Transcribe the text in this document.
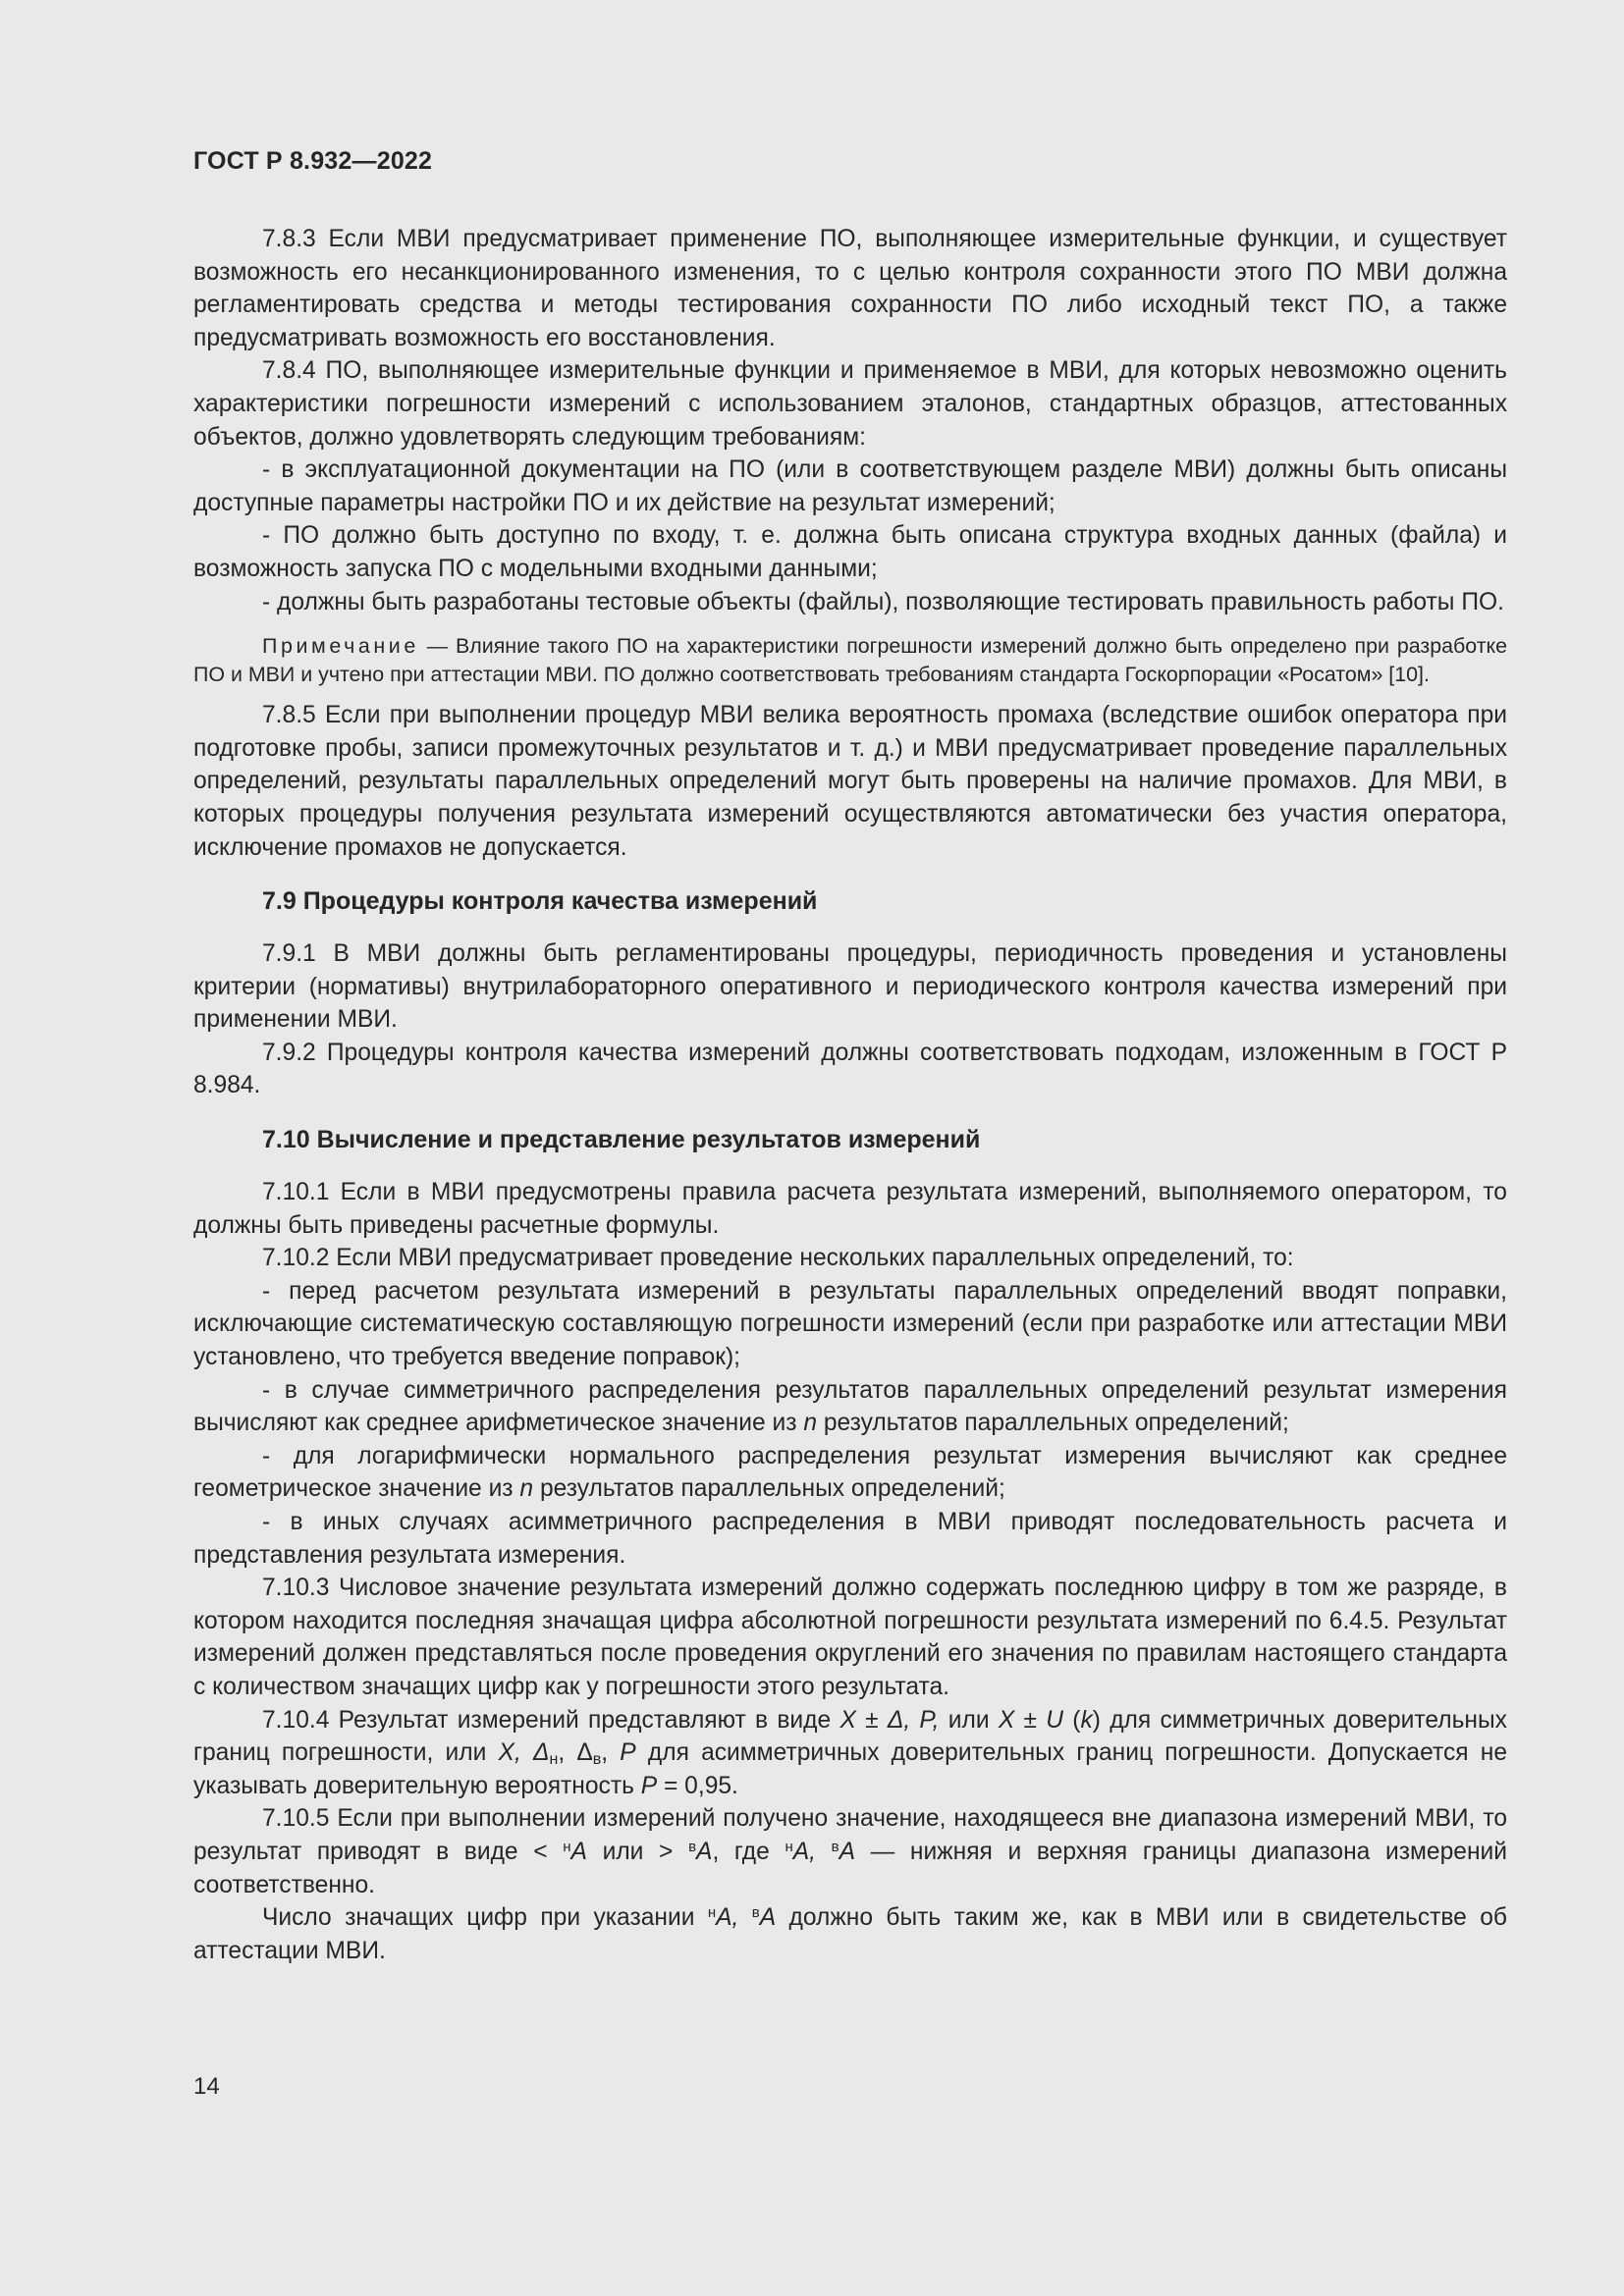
ГОСТ Р 8.932—2022

7.8.3 Если МВИ предусматривает применение ПО, выполняющее измерительные функции, и существует возможность его несанкционированного изменения, то с целью контроля сохранности этого ПО МВИ должна регламентировать средства и методы тестирования сохранности ПО либо исходный текст ПО, а также предусматривать возможность его восстановления.

7.8.4 ПО, выполняющее измерительные функции и применяемое в МВИ, для которых невозможно оценить характеристики погрешности измерений с использованием эталонов, стандартных образцов, аттестованных объектов, должно удовлетворять следующим требованиям:

- в эксплуатационной документации на ПО (или в соответствующем разделе МВИ) должны быть описаны доступные параметры настройки ПО и их действие на результат измерений;

- ПО должно быть доступно по входу, т. е. должна быть описана структура входных данных (файла) и возможность запуска ПО с модельными входными данными;

- должны быть разработаны тестовые объекты (файлы), позволяющие тестировать правильность работы ПО.

Примечание — Влияние такого ПО на характеристики погрешности измерений должно быть определено при разработке ПО и МВИ и учтено при аттестации МВИ. ПО должно соответствовать требованиям стандарта Госкорпорации «Росатом» [10].

7.8.5 Если при выполнении процедур МВИ велика вероятность промаха (вследствие ошибок оператора при подготовке пробы, записи промежуточных результатов и т. д.) и МВИ предусматривает проведение параллельных определений, результаты параллельных определений могут быть проверены на наличие промахов. Для МВИ, в которых процедуры получения результата измерений осуществляются автоматически без участия оператора, исключение промахов не допускается.

7.9 Процедуры контроля качества измерений

7.9.1 В МВИ должны быть регламентированы процедуры, периодичность проведения и установлены критерии (нормативы) внутрилабораторного оперативного и периодического контроля качества измерений при применении МВИ.

7.9.2 Процедуры контроля качества измерений должны соответствовать подходам, изложенным в ГОСТ Р 8.984.

7.10 Вычисление и представление результатов измерений

7.10.1 Если в МВИ предусмотрены правила расчета результата измерений, выполняемого оператором, то должны быть приведены расчетные формулы.

7.10.2 Если МВИ предусматривает проведение нескольких параллельных определений, то:

- перед расчетом результата измерений в результаты параллельных определений вводят поправки, исключающие систематическую составляющую погрешности измерений (если при разработке или аттестации МВИ установлено, что требуется введение поправок);

- в случае симметричного распределения результатов параллельных определений результат измерения вычисляют как среднее арифметическое значение из n результатов параллельных определений;

- для логарифмически нормального распределения результат измерения вычисляют как среднее геометрическое значение из n результатов параллельных определений;

- в иных случаях асимметричного распределения в МВИ приводят последовательность расчета и представления результата измерения.

7.10.3 Числовое значение результата измерений должно содержать последнюю цифру в том же разряде, в котором находится последняя значащая цифра абсолютной погрешности результата измерений по 6.4.5. Результат измерений должен представляться после проведения округлений его значения по правилам настоящего стандарта с количеством значащих цифр как у погрешности этого результата.

7.10.4 Результат измерений представляют в виде X ± Δ, P, или X ± U (k) для симметричных доверительных границ погрешности, или X, $\Delta_н$, $\Delta_в$, P для асимметричных доверительных границ погрешности. Допускается не указывать доверительную вероятность P = 0,95.

7.10.5 Если при выполнении измерений получено значение, находящееся вне диапазона измерений МВИ, то результат приводят в виде < $^н$A или > $^в$A, где $^н$A, $^в$A — нижняя и верхняя границы диапазона измерений соответственно.

Число значащих цифр при указании $^н$A, $^в$A должно быть таким же, как в МВИ или в свидетельстве об аттестации МВИ.

14
